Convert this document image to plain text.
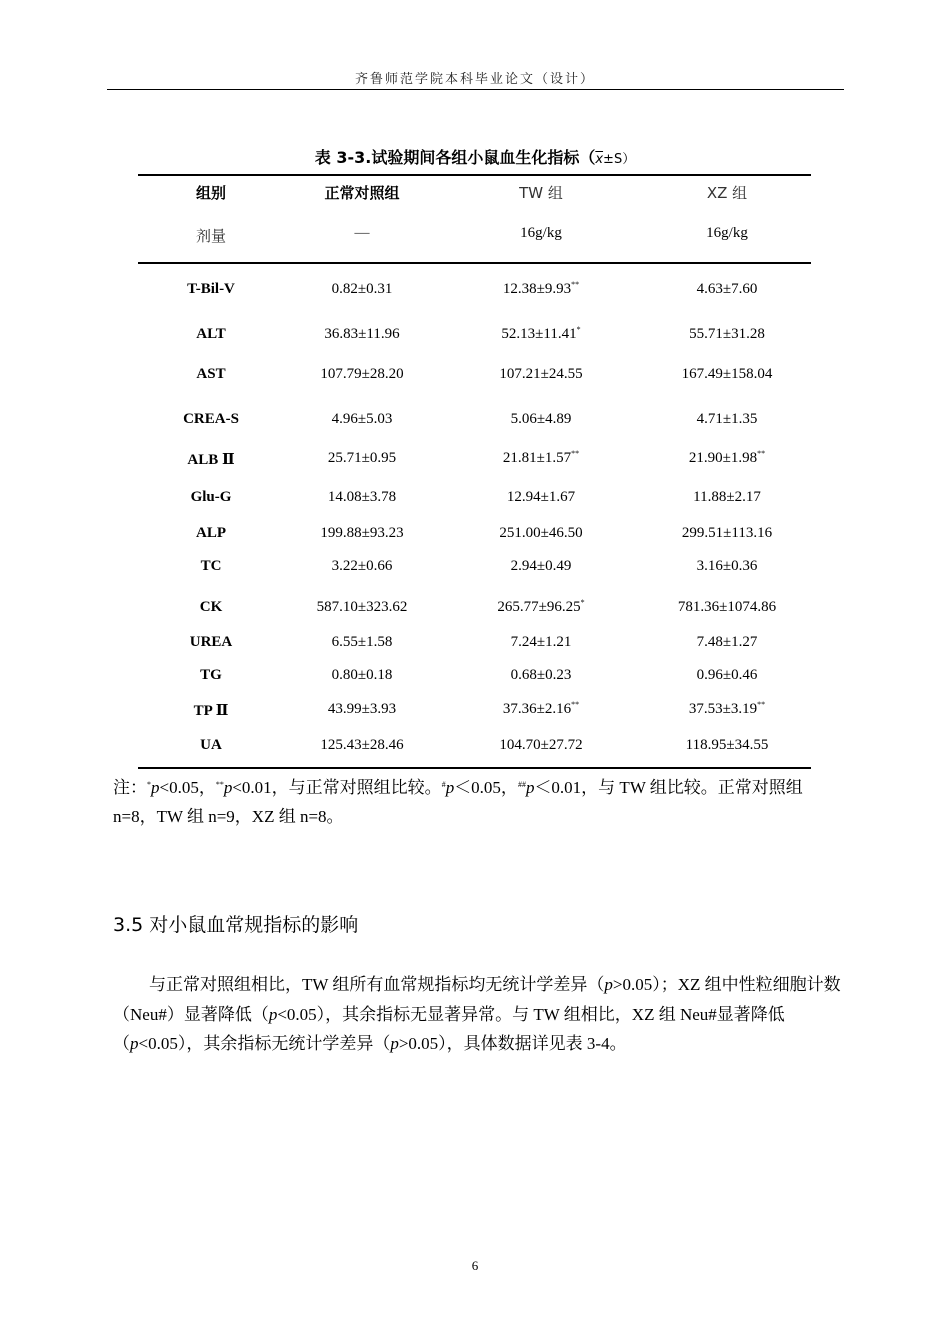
齐鲁师范学院本科毕业论文（设计）
表 3-3.试验期间各组小鼠血生化指标$(\overline{x}\pm S)$
组别	正常对照组	TW 组	XZ 组
剂量	—	16g/kg	16g/kg
T-Bil-V	0.82±0.31	12.38±9.93**	4.63±7.60
ALT	36.83±11.96	52.13±11.41*	55.71±31.28
AST	107.79±28.20	107.21±24.55	167.49±158.04
CREA-S	4.96±5.03	5.06±4.89	4.71±1.35
ALB Ⅱ	25.71±0.95	21.81±1.57**	21.90±1.98**
Glu-G	14.08±3.78	12.94±1.67	11.88±2.17
ALP	199.88±93.23	251.00±46.50	299.51±113.16
TC	3.22±0.66	2.94±0.49	3.16±0.36
CK	587.10±323.62	265.77±96.25*	781.36±1074.86
UREA	6.55±1.58	7.24±1.21	7.48±1.27
TG	0.80±0.18	0.68±0.23	0.96±0.46
TP Ⅱ	43.99±3.93	37.36±2.16**	37.53±3.19**
UA	125.43±28.46	104.70±27.72	118.95±34.55
注：*p<0.05，**p<0.01，与正常对照组比较。#p＜0.05，##p＜0.01，与 TW 组比较。正常对照组 n=8，TW 组 n=9，XZ 组 n=8。
3.5 对小鼠血常规指标的影响

与正常对照组相比，TW 组所有血常规指标均无统计学差异（p>0.05）；XZ 组中性粒细胞计数（Neu#）显著降低（p<0.05），其余指标无显著异常。与 TW 组相比，XZ 组 Neu#显著降低（p<0.05），其余指标无统计学差异（p>0.05），具体数据详见表 3-4。

6
